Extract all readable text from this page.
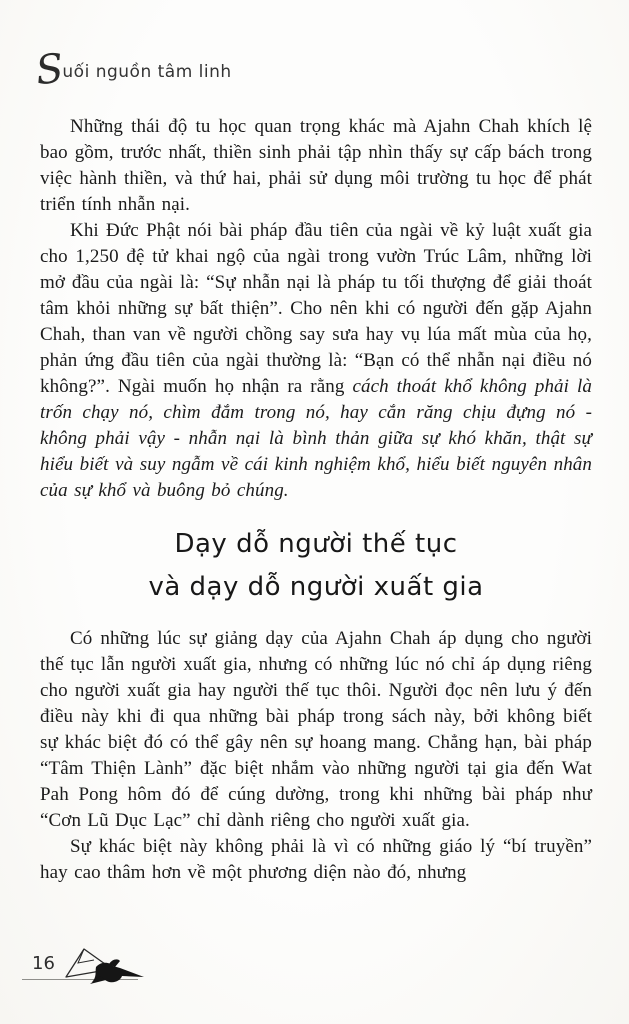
Suối nguồn tâm linh

Những thái độ tu học quan trọng khác mà Ajahn Chah khích lệ bao gồm, trước nhất, thiền sinh phải tập nhìn thấy sự cấp bách trong việc hành thiền, và thứ hai, phải sử dụng môi trường tu học để phát triển tính nhẫn nại.

Khi Đức Phật nói bài pháp đầu tiên của ngài về kỷ luật xuất gia cho 1,250 đệ tử khai ngộ của ngài trong vườn Trúc Lâm, những lời mở đầu của ngài là: “Sự nhẫn nại là pháp tu tối thượng để giải thoát tâm khỏi những sự bất thiện”. Cho nên khi có người đến gặp Ajahn Chah, than van về người chồng say sưa hay vụ lúa mất mùa của họ, phản ứng đầu tiên của ngài thường là: “Bạn có thể nhẫn nại điều nó không?”. Ngài muốn họ nhận ra rằng cách thoát khổ không phải là trốn chạy nó, chìm đắm trong nó, hay cắn răng chịu đựng nó - không phải vậy - nhẫn nại là bình thản giữa sự khó khăn, thật sự hiểu biết và suy ngẫm về cái kinh nghiệm khổ, hiểu biết nguyên nhân của sự khổ và buông bỏ chúng.

Dạy dỗ người thế tục
và dạy dỗ người xuất gia

Có những lúc sự giảng dạy của Ajahn Chah áp dụng cho người thế tục lẫn người xuất gia, nhưng có những lúc nó chỉ áp dụng riêng cho người xuất gia hay người thế tục thôi. Người đọc nên lưu ý đến điều này khi đi qua những bài pháp trong sách này, bởi không biết sự khác biệt đó có thể gây nên sự hoang mang. Chẳng hạn, bài pháp “Tâm Thiện Lành” đặc biệt nhắm vào những người tại gia đến Wat Pah Pong hôm đó để cúng dường, trong khi những bài pháp như “Cơn Lũ Dục Lạc” chỉ dành riêng cho người xuất gia.

Sự khác biệt này không phải là vì có những giáo lý “bí truyền” hay cao thâm hơn về một phương diện nào đó, nhưng

16
